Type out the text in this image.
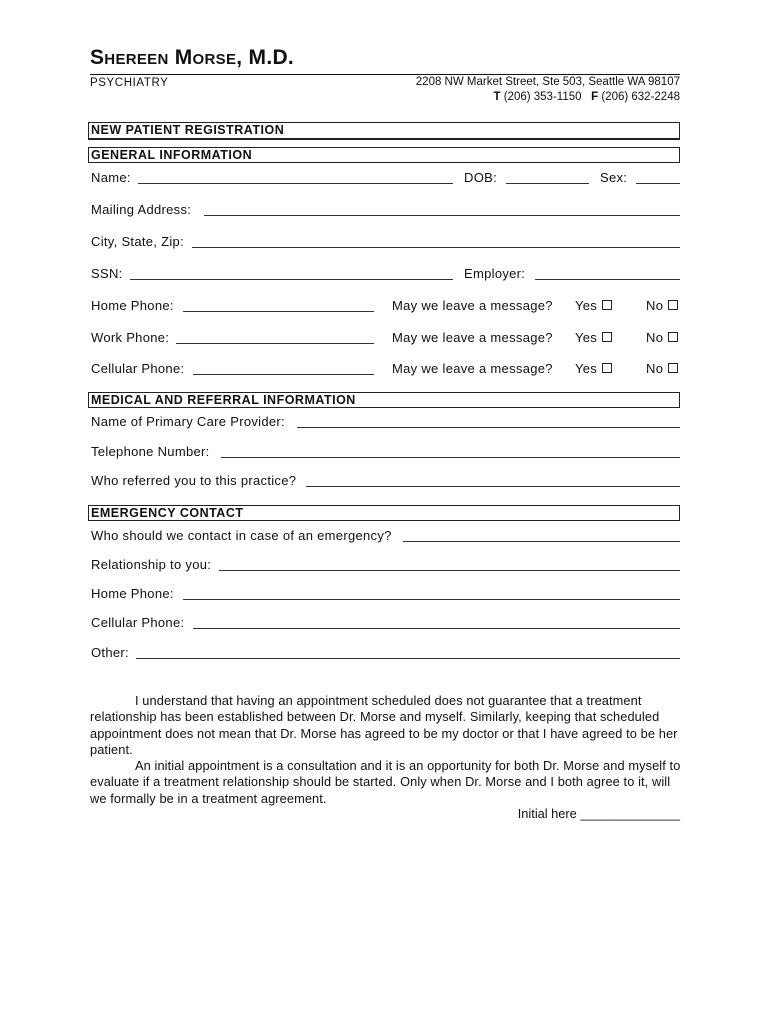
Shereen Morse, M.D.
PSYCHIATRY	2208 NW Market Street, Ste 503, Seattle WA 98107
T (206) 353-1150 F (206) 632-2248
NEW PATIENT REGISTRATION
GENERAL INFORMATION
Name:	DOB:	Sex:
Mailing Address:
City, State, Zip:
SSN:	Employer:
Home Phone:	May we leave a message? Yes	No
Work Phone:	May we leave a message? Yes	No
Cellular Phone:	May we leave a message? Yes	No
MEDICAL AND REFERRAL INFORMATION
Name of Primary Care Provider:
Telephone Number:
Who referred you to this practice?
EMERGENCY CONTACT
Who should we contact in case of an emergency?
Relationship to you:
Home Phone:
Cellular Phone:
Other:

I understand that having an appointment scheduled does not guarantee that a treatment relationship has been established between Dr. Morse and myself. Similarly, keeping that scheduled appointment does not mean that Dr. Morse has agreed to be my doctor or that I have agreed to be her patient.

An initial appointment is a consultation and it is an opportunity for both Dr. Morse and myself to evaluate if a treatment relationship should be started. Only when Dr. Morse and I both agree to it, will we formally be in a treatment agreement.

Initial here ______________
